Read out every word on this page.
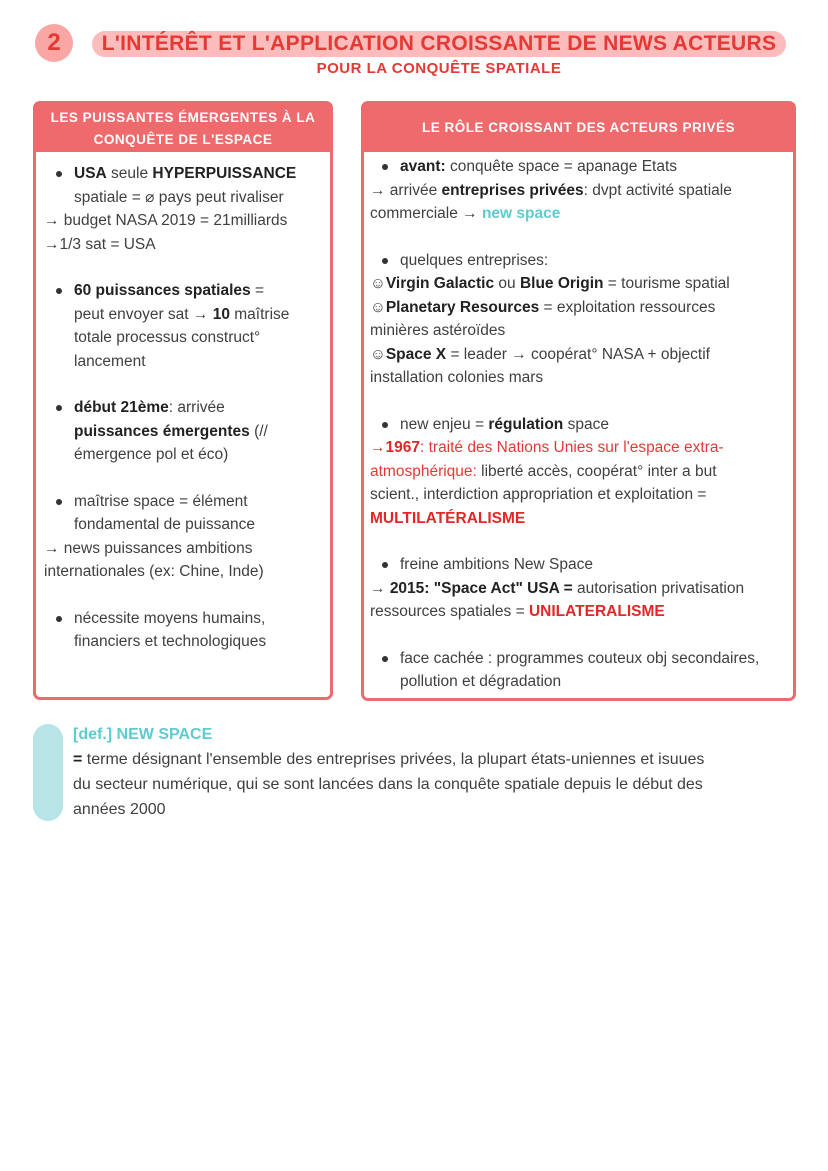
2	L'INTÉRÊT ET L'APPLICATION CROISSANTE DE NEWS ACTEURS
POUR LA CONQUÊTE SPATIALE
LES PUISSANTES ÉMERGENTES À LA
CONQUÊTE DE L'ESPACE
USA seule HYPERPUISSANCE
spatiale = ⌀ pays peut rivaliser
→ budget NASA 2019 = 21milliards
→1/3 sat = USA
60 puissances spatiales =
peut envoyer sat → 10 maîtrise
totale processus construct°
lancement
début 21ème: arrivée
puissances émergentes (//
émergence pol et éco)
maîtrise space = élément
fondamental de puissance
→ news puissances ambitions
internationales (ex: Chine, Inde)
nécessite moyens humains,
financiers et technologiques
LE RÔLE CROISSANT DES ACTEURS PRIVÉS
avant: conquête space = apanage Etats
→ arrivée entreprises privées: dvpt activité spatiale
commerciale → new space
quelques entreprises:
☺Virgin Galactic ou Blue Origin = tourisme spatial
☺Planetary Resources = exploitation ressources
minières astéroïdes
☺Space X = leader → coopérat° NASA + objectif
installation colonies mars
new enjeu = régulation space
→1967: traité des Nations Unies sur l'espace extra-
atmosphérique: liberté accès, coopérat° inter a but
scient., interdiction appropriation et exploitation =
MULTILATÉRALISME
freine ambitions New Space
→ 2015: "Space Act" USA = autorisation privatisation
ressources spatiales = UNILATERALISME
face cachée : programmes couteux obj secondaires,
pollution et dégradation
[def.] NEW SPACE
= terme désignant l'ensemble des entreprises privées, la plupart états-uniennes et isuues
du secteur numérique, qui se sont lancées dans la conquête spatiale depuis le début des
années 2000
